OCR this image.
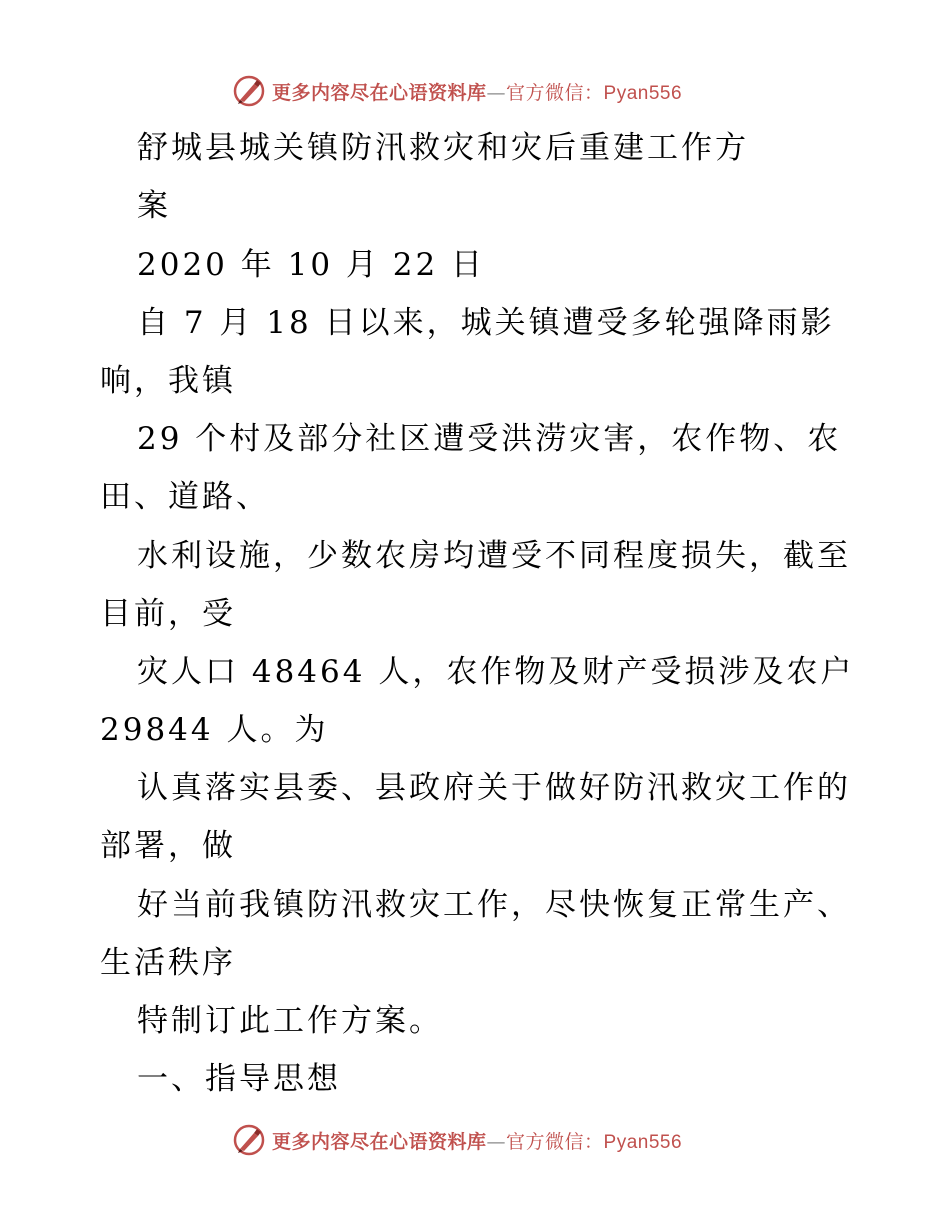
更多内容尽在心语资料库—官方微信：Pyan556
舒城县城关镇防汛救灾和灾后重建工作方
案
2020 年 10 月 22 日
自 7 月 18 日以来，城关镇遭受多轮强降雨影
响，我镇
29 个村及部分社区遭受洪涝灾害，农作物、农
田、道路、
水利设施，少数农房均遭受不同程度损失，截至
目前，受
灾人口 48464 人，农作物及财产受损涉及农户
29844 人。为
认真落实县委、县政府关于做好防汛救灾工作的
部署，做
好当前我镇防汛救灾工作，尽快恢复正常生产、
生活秩序
特制订此工作方案。
一、指导思想
更多内容尽在心语资料库—官方微信：Pyan556
